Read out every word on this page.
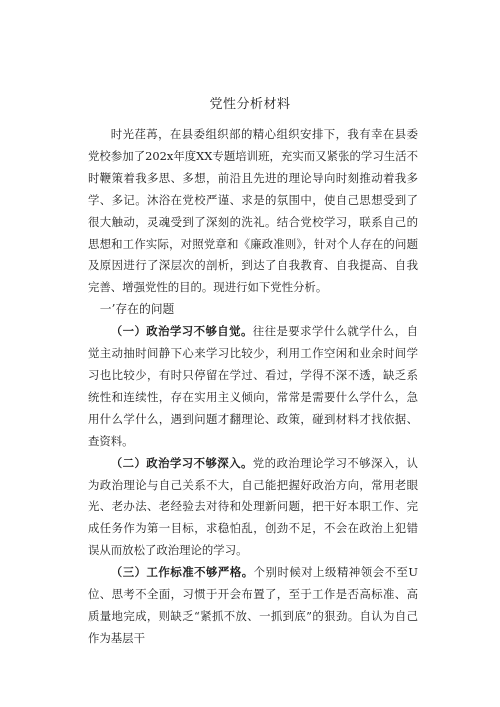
党性分析材料

时光荏苒，在县委组织部的精心组织安排下，我有幸在县委党校参加了202x年度XX专题培训班，充实而又紧张的学习生活不时鞭策着我多思、多想，前沿且先进的理论导向时刻推动着我多学、多记。沐浴在党校严谨、求是的氛围中，使自己思想受到了很大触动，灵魂受到了深刻的洗礼。结合党校学习，联系自己的思想和工作实际，对照党章和《廉政准则》，针对个人存在的问题及原因进行了深层次的剖析，到达了自我教育、自我提高、自我完善、增强党性的目的。现进行如下党性分析。

一’存在的问题

（一）政治学习不够自觉。往往是要求学什么就学什么，自觉主动抽时间静下心来学习比较少，利用工作空闲和业余时间学习也比较少，有时只停留在学过、看过，学得不深不透，缺乏系统性和连续性，存在实用主义倾向，常常是需要什么学什么，急用什么学什么，遇到问题才翻理论、政策，碰到材料才找依据、查资料。

（二）政治学习不够深入。党的政治理论学习不够深入，认为政治理论与自己关系不大，自己能把握好政治方向，常用老眼光、老办法、老经验去对待和处理新问题，把干好本职工作、完成任务作为第一目标，求稳怕乱，创劲不足，不会在政治上犯错误从而放松了政治理论的学习。

（三）工作标准不够严格。个别时候对上级精神领会不至U位、思考不全面，习惯于开会布置了，至于工作是否高标准、高质量地完成，则缺乏“紧抓不放、一抓到底”的狠劲。自认为自己作为基层干
